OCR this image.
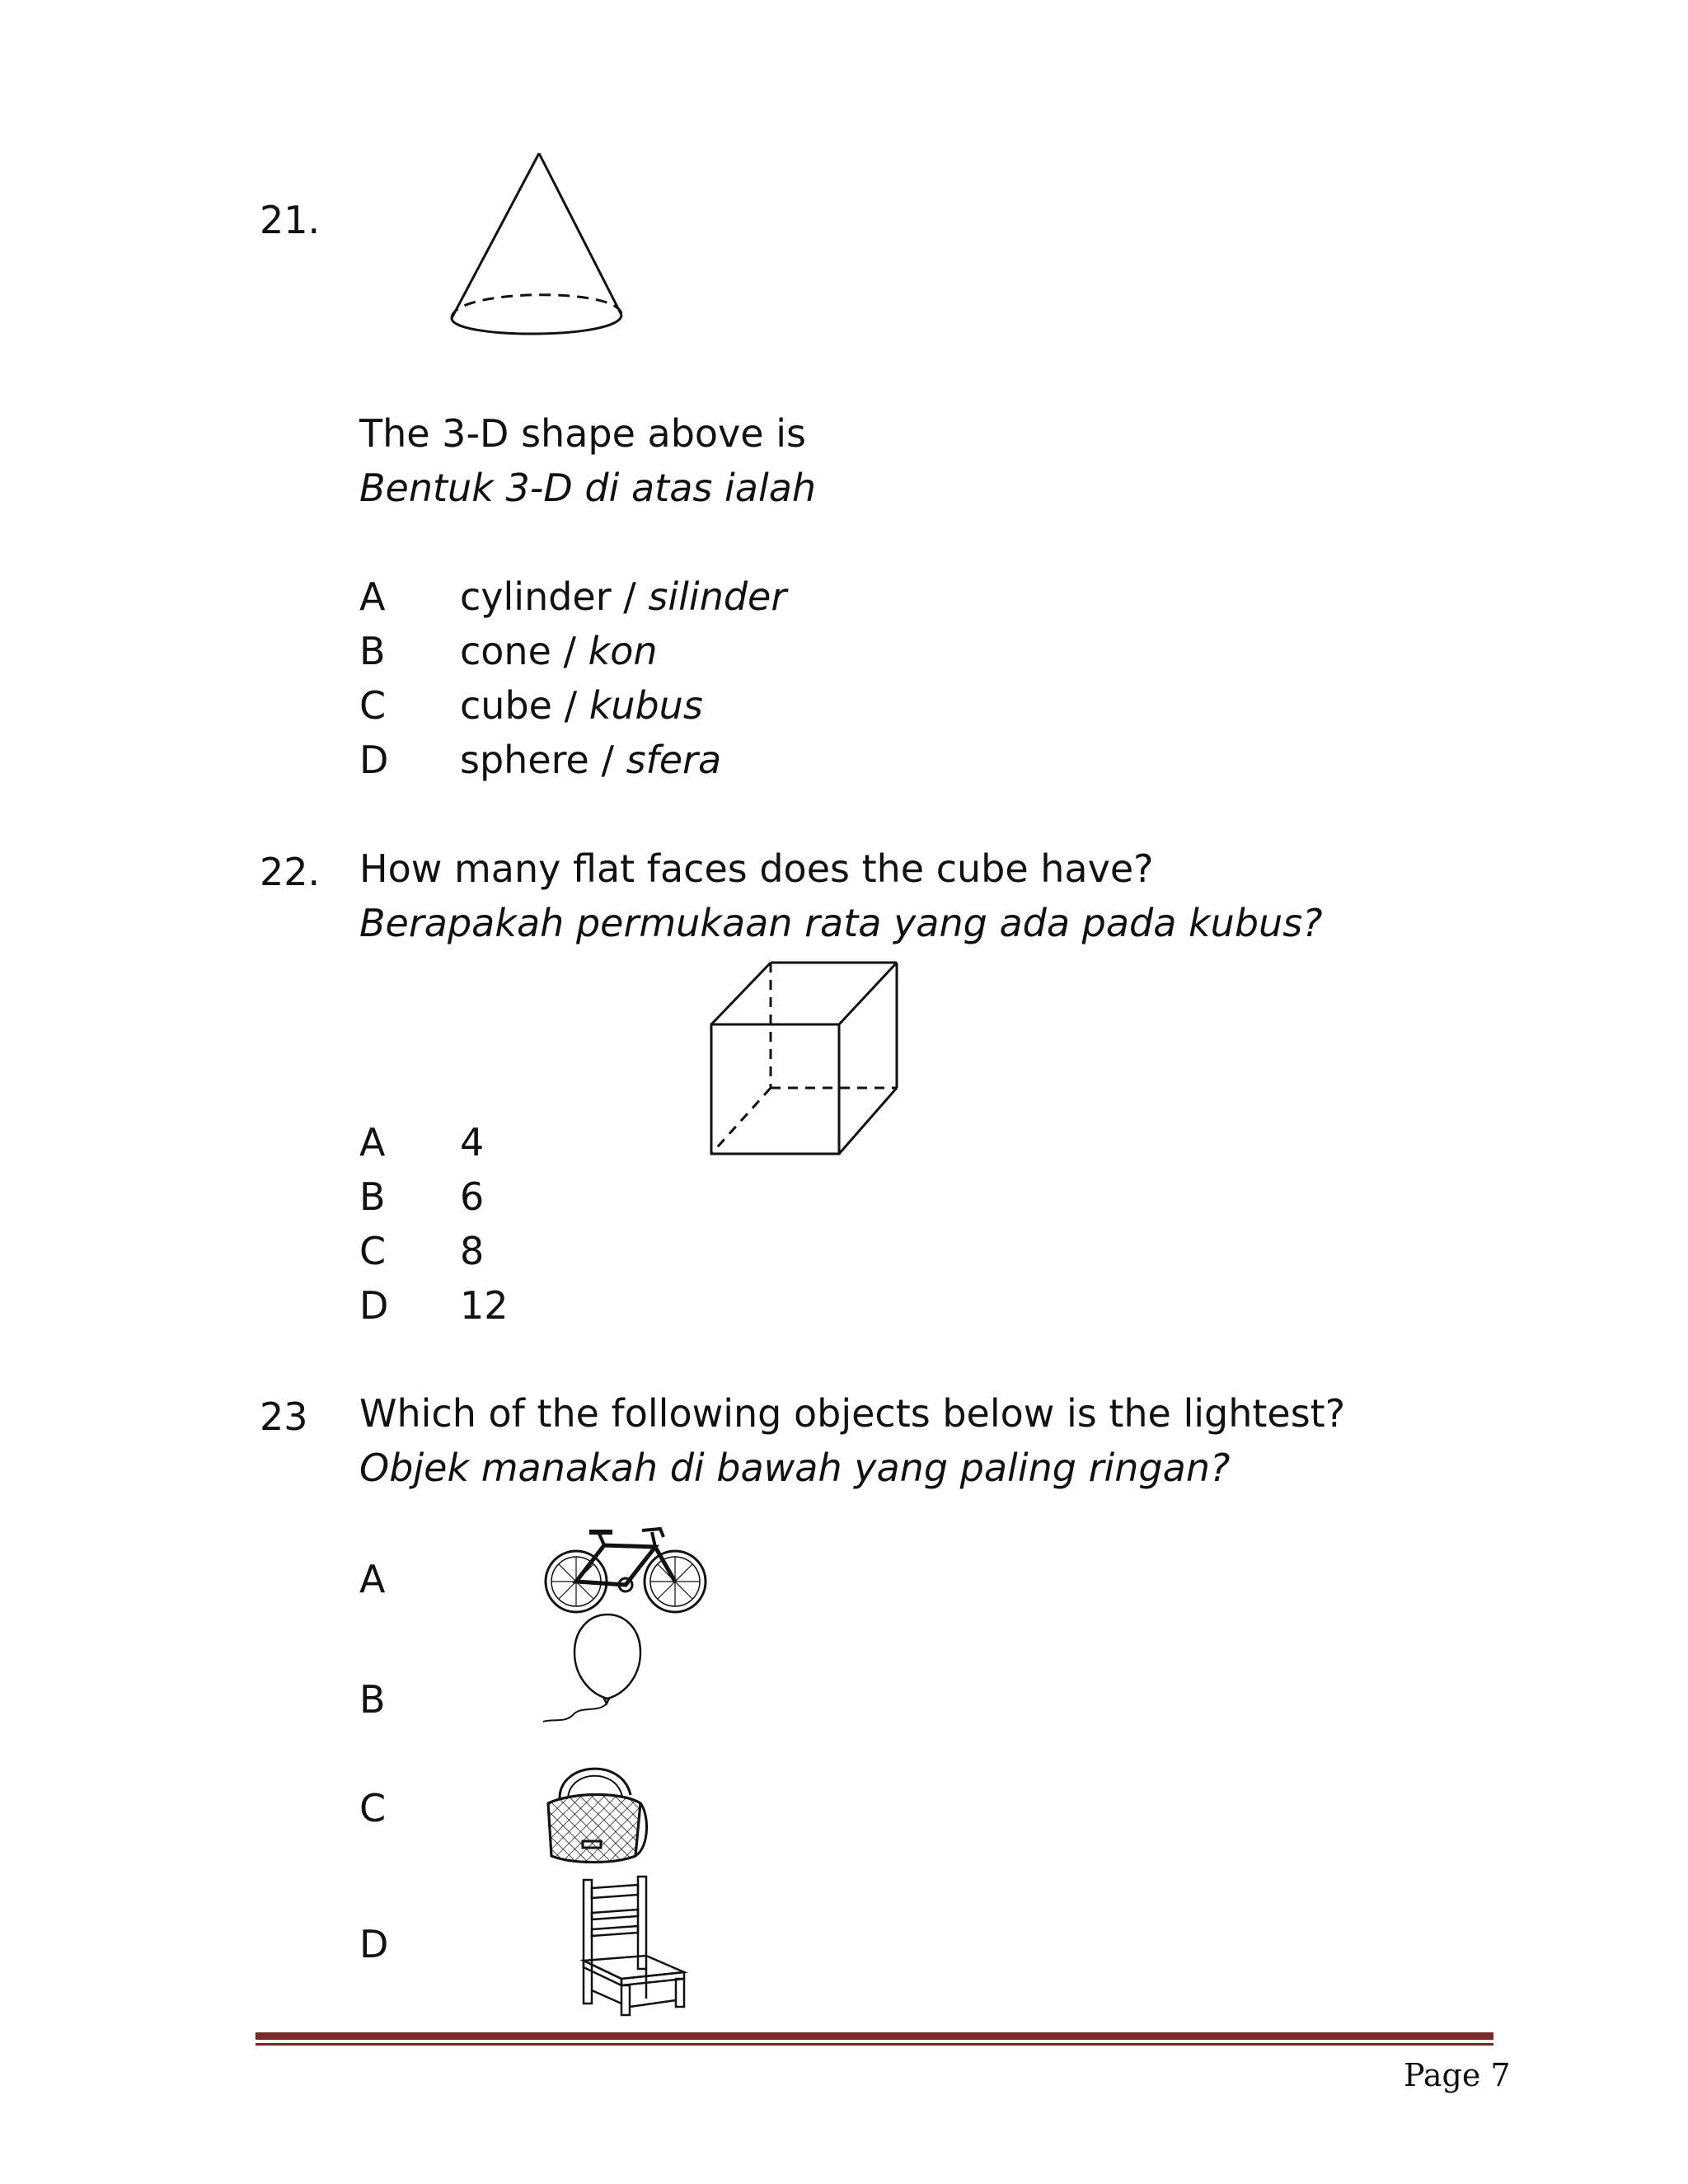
21.
The 3-D shape above is
Bentuk 3-D di atas ialah
A cylinder / silinder
B cone / kon
C cube / kubus
D sphere / sfera
22. How many flat faces does the cube have?
Berapakah permukaan rata yang ada pada kubus?
A 4
B 6
C 8
D 12
23 Which of the following objects below is the lightest?
Objek manakah di bawah yang paling ringan?
A
B
C
D
Page 7
